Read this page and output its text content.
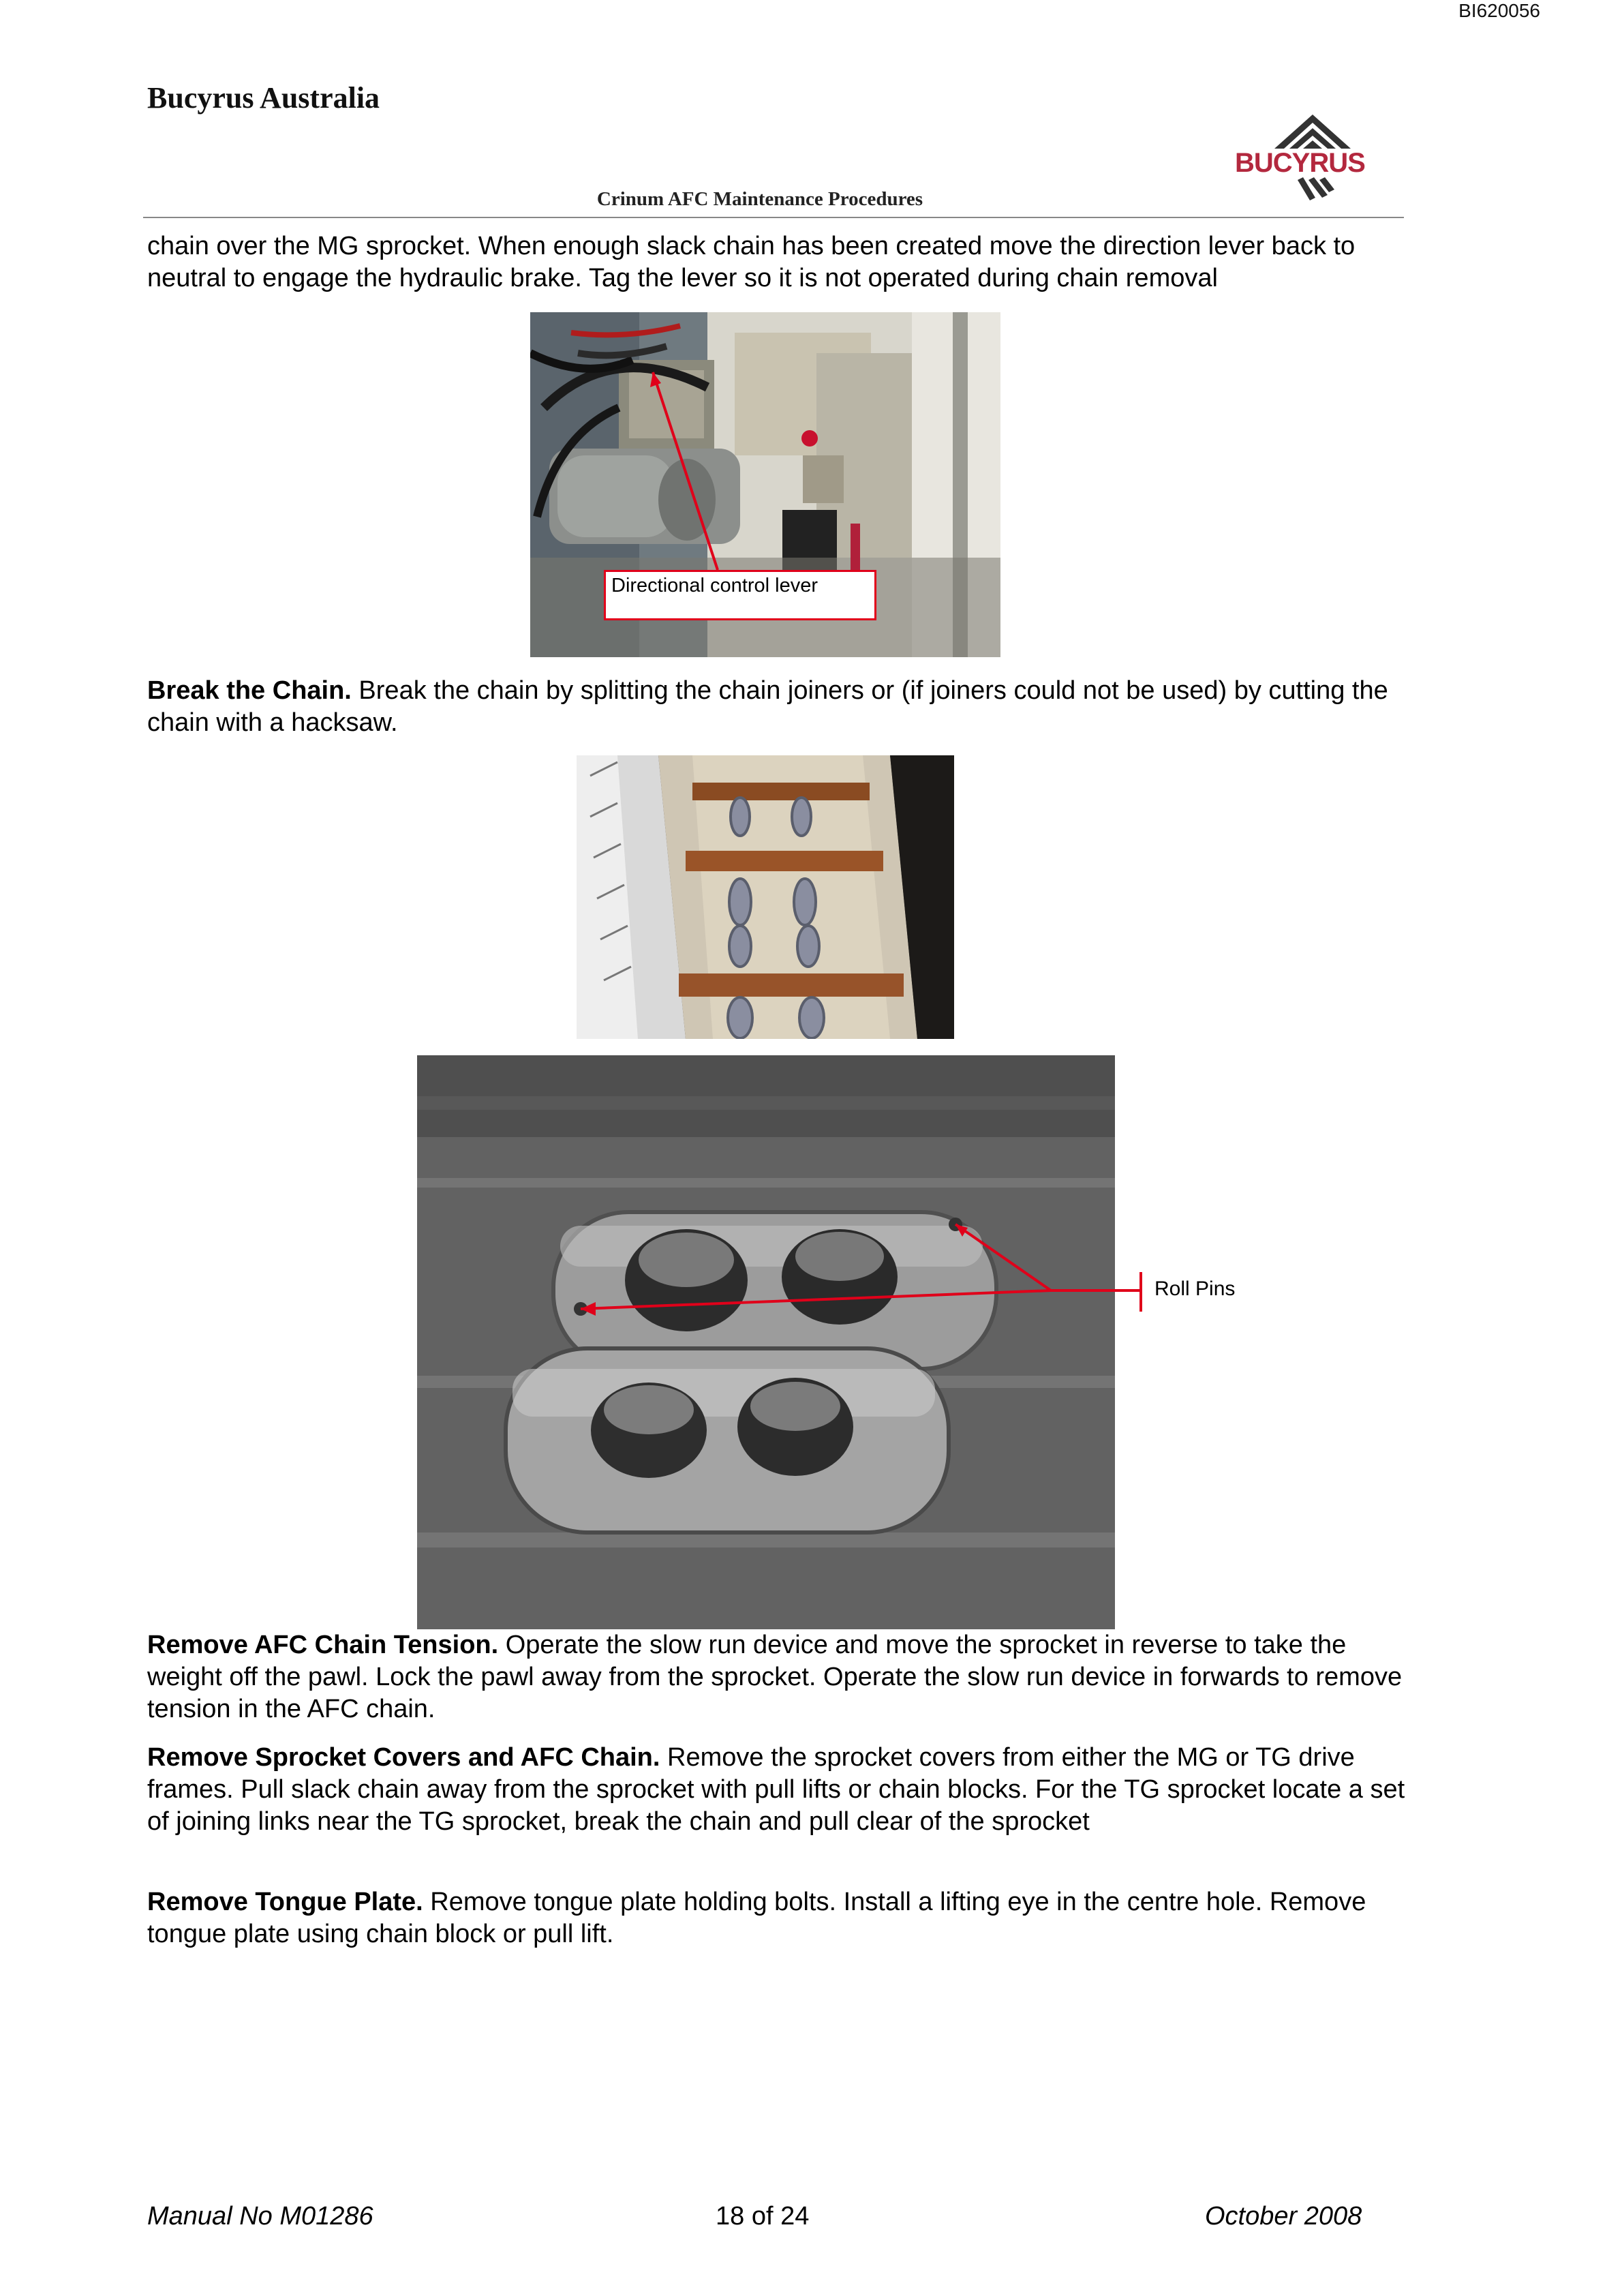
BI620056
Bucyrus Australia
BUCYRUS
Crinum AFC Maintenance Procedures
chain over the MG sprocket. When enough slack chain has been created move the direction lever back to neutral to engage the hydraulic brake. Tag the lever so it is not operated during chain removal
Directional control lever
Break the Chain. Break the chain by splitting the chain joiners or (if joiners could not be used) by cutting the chain with a hacksaw.
Roll Pins
Remove AFC Chain Tension. Operate the slow run device and move the sprocket in reverse to take the weight off the pawl. Lock the pawl away from the sprocket. Operate the slow run device in forwards to remove tension in the AFC chain.
Remove Sprocket Covers and AFC Chain. Remove the sprocket covers from either the MG or TG drive frames. Pull slack chain away from the sprocket with pull lifts or chain blocks. For the TG sprocket locate a set of joining links near the TG sprocket, break the chain and pull clear of the sprocket
Remove Tongue Plate. Remove tongue plate holding bolts. Install a lifting eye in the centre hole. Remove tongue plate using chain block or pull lift.
Manual No M01286	18 of 24	October 2008
